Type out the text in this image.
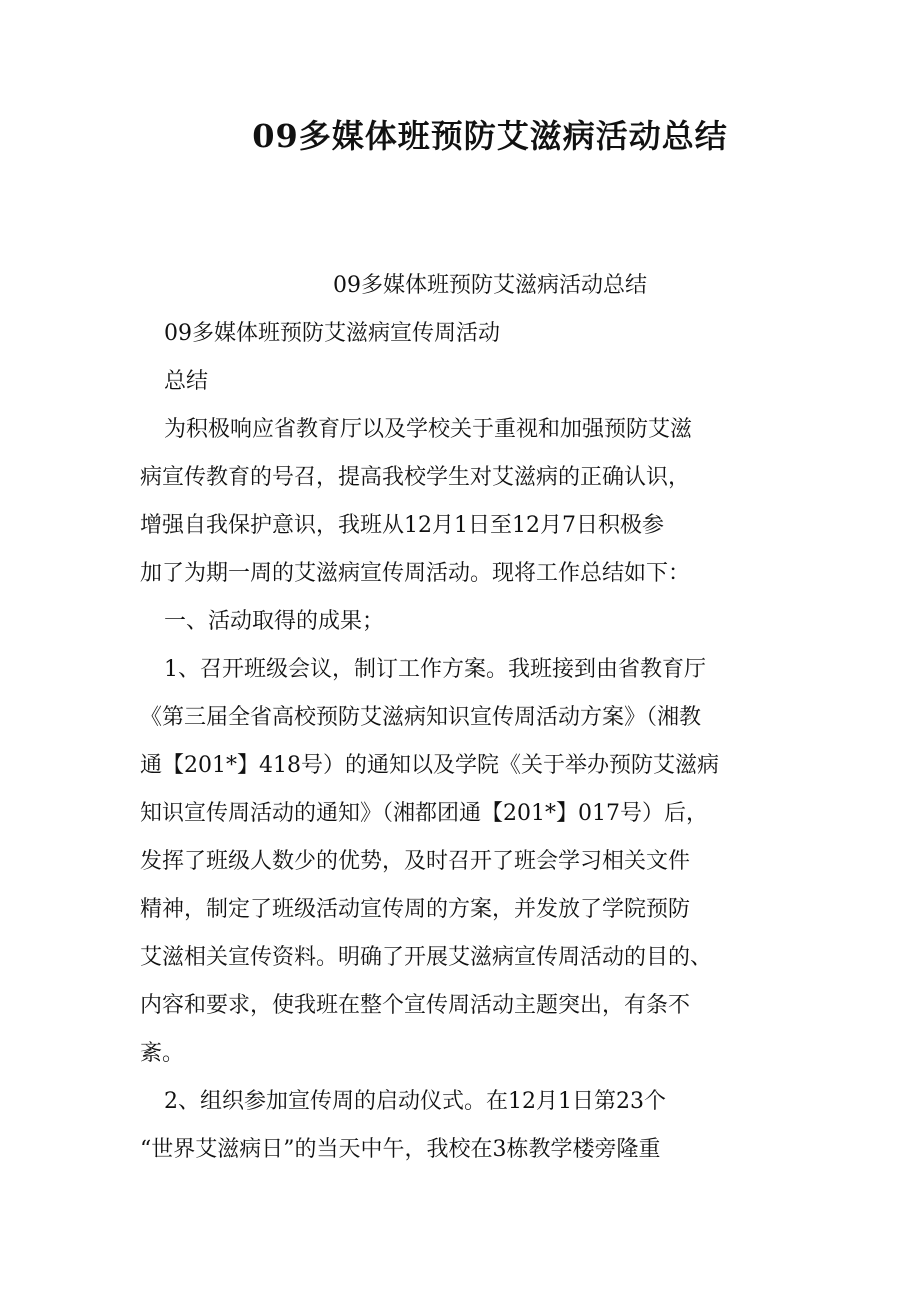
09多媒体班预防艾滋病活动总结

09多媒体班预防艾滋病活动总结

09多媒体班预防艾滋病宣传周活动

总结

为积极响应省教育厅以及学校关于重视和加强预防艾滋

病宣传教育的号召，提高我校学生对艾滋病的正确认识，

增强自我保护意识，我班从12月1日至12月7日积极参

加了为期一周的艾滋病宣传周活动。现将工作总结如下：

一、活动取得的成果；

1、召开班级会议，制订工作方案。我班接到由省教育厅

《第三届全省高校预防艾滋病知识宣传周活动方案》（湘教

通【201*】418号）的通知以及学院《关于举办预防艾滋病

知识宣传周活动的通知》（湘都团通【201*】017号）后，

发挥了班级人数少的优势，及时召开了班会学习相关文件

精神，制定了班级活动宣传周的方案，并发放了学院预防

艾滋相关宣传资料。明确了开展艾滋病宣传周活动的目的、

内容和要求，使我班在整个宣传周活动主题突出，有条不

紊。

2、组织参加宣传周的启动仪式。在12月1日第23个

“世界艾滋病日”的当天中午，我校在3栋教学楼旁隆重
